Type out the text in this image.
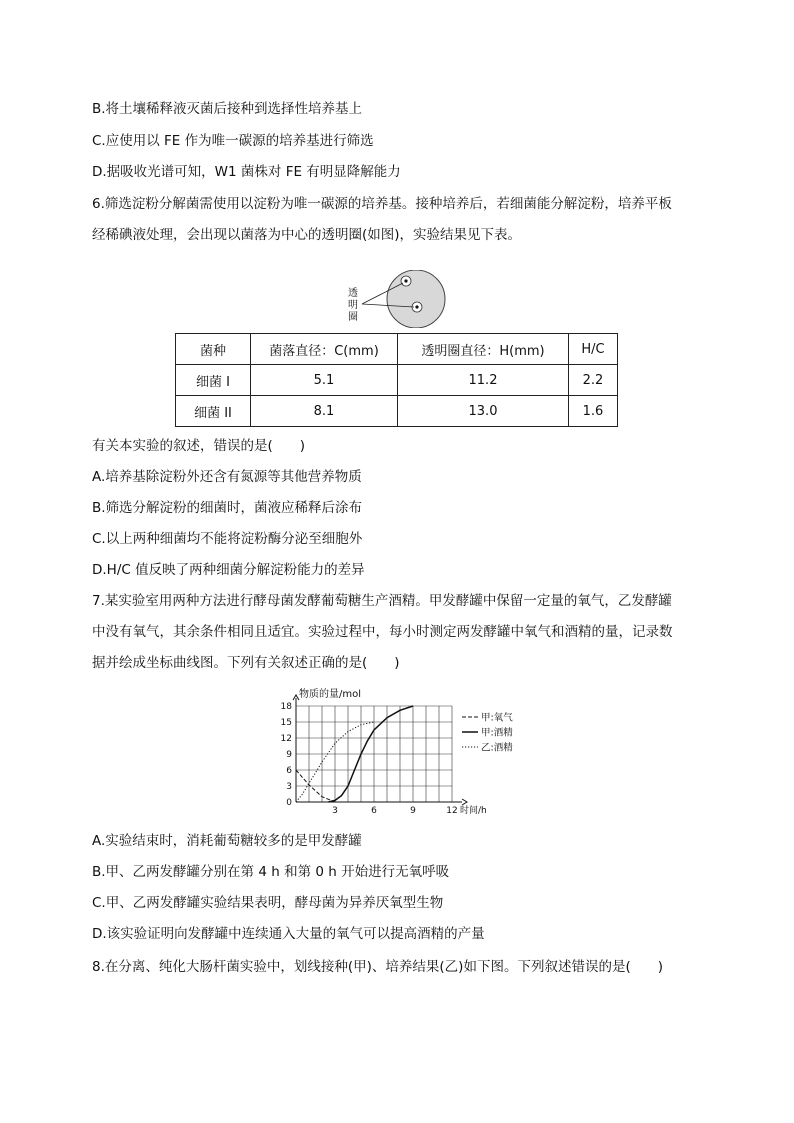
B.将土壤稀释液灭菌后接种到选择性培养基上
C.应使用以 FE 作为唯一碳源的培养基进行筛选
D.据吸收光谱可知，W1 菌株对 FE 有明显降解能力
6.筛选淀粉分解菌需使用以淀粉为唯一碳源的培养基。接种培养后，若细菌能分解淀粉，培养平板
经稀碘液处理，会出现以菌落为中心的透明圈(如图)，实验结果见下表。
透
明
圈
菌种	菌落直径：C(mm)	透明圈直径：H(mm)	H/C
细菌 I	5.1	11.2	2.2
细菌 II	8.1	13.0	1.6
有关本实验的叙述，错误的是(　　)
A.培养基除淀粉外还含有氮源等其他营养物质
B.筛选分解淀粉的细菌时，菌液应稀释后涂布
C.以上两种细菌均不能将淀粉酶分泌至细胞外
D.H/C 值反映了两种细菌分解淀粉能力的差异
7.某实验室用两种方法进行酵母菌发酵葡萄糖生产酒精。甲发酵罐中保留一定量的氧气，乙发酵罐
中没有氧气，其余条件相同且适宜。实验过程中，每小时测定两发酵罐中氧气和酒精的量，记录数
据并绘成坐标曲线图。下列有关叙述正确的是(　　)
0
3
6
9
12
15
18
3	6	9	12
物质的量/mol
时间/h
甲:氧气
甲:酒精
乙:酒精
A.实验结束时，消耗葡萄糖较多的是甲发酵罐
B.甲、乙两发酵罐分别在第 4 h 和第 0 h 开始进行无氧呼吸
C.甲、乙两发酵罐实验结果表明，酵母菌为异养厌氧型生物
D.该实验证明向发酵罐中连续通入大量的氧气可以提高酒精的产量
8.在分离、纯化大肠杆菌实验中，划线接种(甲)、培养结果(乙)如下图。下列叙述错误的是(　　)
